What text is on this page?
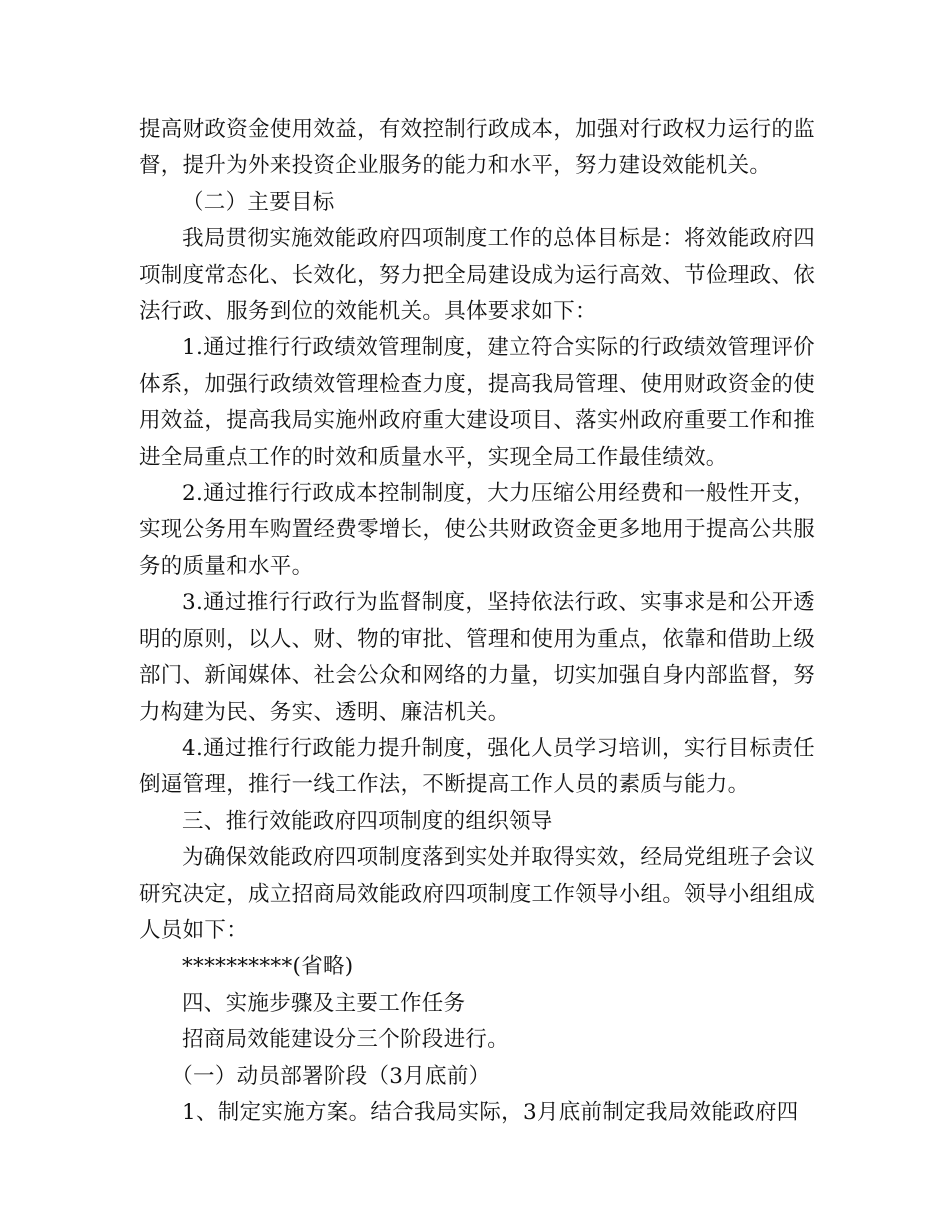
提高财政资金使用效益，有效控制行政成本，加强对行政权力运行的监督，提升为外来投资企业服务的能力和水平，努力建设效能机关。

（二）主要目标

我局贯彻实施效能政府四项制度工作的总体目标是：将效能政府四项制度常态化、长效化，努力把全局建设成为运行高效、节俭理政、依法行政、服务到位的效能机关。具体要求如下：

1.通过推行行政绩效管理制度，建立符合实际的行政绩效管理评价体系，加强行政绩效管理检查力度，提高我局管理、使用财政资金的使用效益，提高我局实施州政府重大建设项目、落实州政府重要工作和推进全局重点工作的时效和质量水平，实现全局工作最佳绩效。

2.通过推行行政成本控制制度，大力压缩公用经费和一般性开支，实现公务用车购置经费零增长，使公共财政资金更多地用于提高公共服务的质量和水平。

3.通过推行行政行为监督制度，坚持依法行政、实事求是和公开透明的原则，以人、财、物的审批、管理和使用为重点，依靠和借助上级部门、新闻媒体、社会公众和网络的力量，切实加强自身内部监督，努力构建为民、务实、透明、廉洁机关。

4.通过推行行政能力提升制度，强化人员学习培训，实行目标责任倒逼管理，推行一线工作法，不断提高工作人员的素质与能力。

三、推行效能政府四项制度的组织领导

为确保效能政府四项制度落到实处并取得实效，经局党组班子会议研究决定，成立招商局效能政府四项制度工作领导小组。领导小组组成人员如下：

**********(省略)

四、实施步骤及主要工作任务

招商局效能建设分三个阶段进行。

（一）动员部署阶段（3月底前）

1、制定实施方案。结合我局实际，3月底前制定我局效能政府四
